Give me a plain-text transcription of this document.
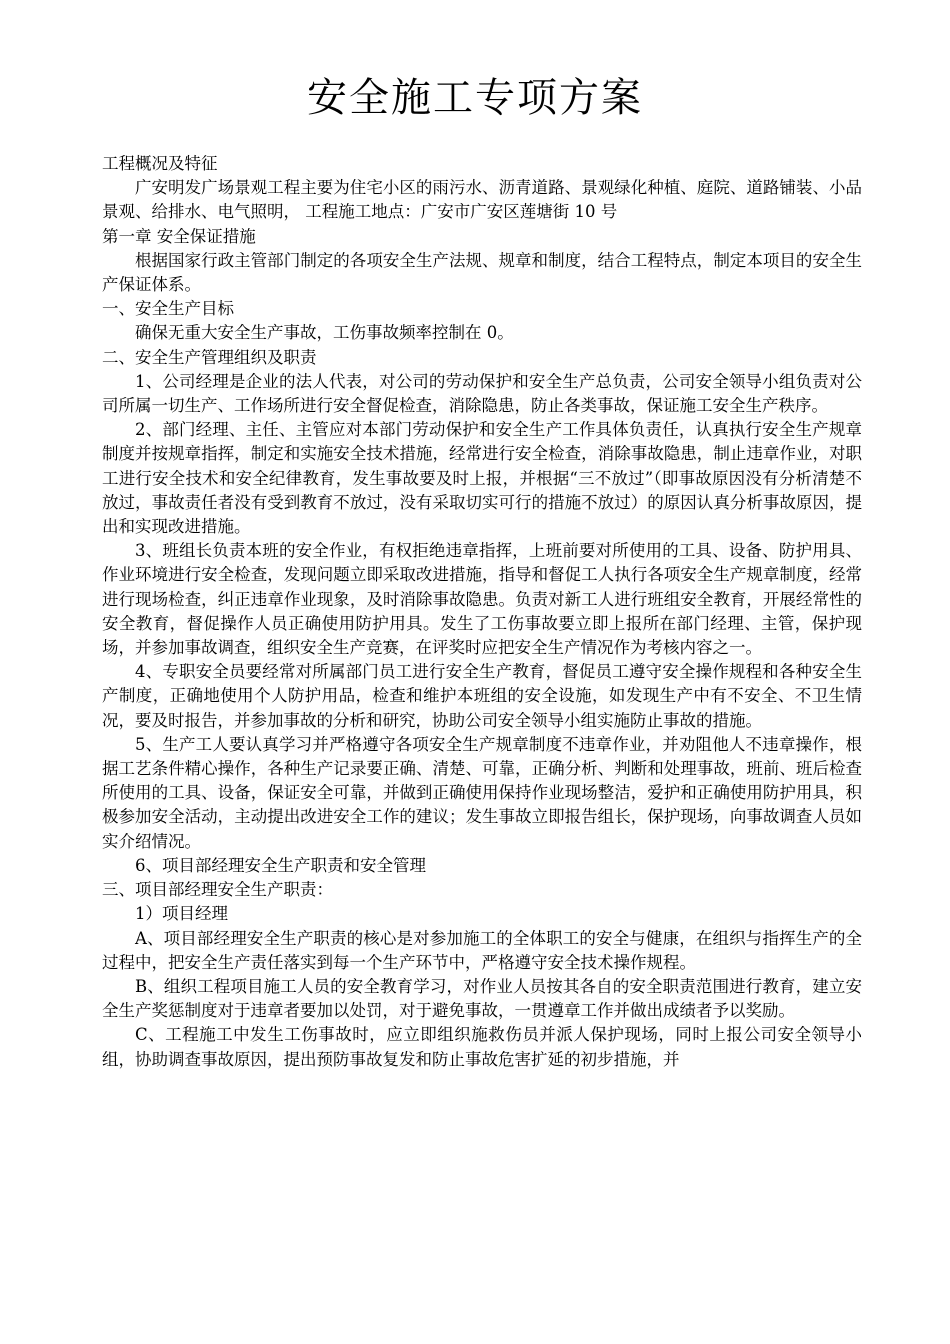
安全施工专项方案

工程概况及特征

广安明发广场景观工程主要为住宅小区的雨污水、沥青道路、景观绿化种植、庭院、道路铺装、小品景观、给排水、电气照明， 工程施工地点：广安市广安区莲塘街 10 号

第一章 安全保证措施

根据国家行政主管部门制定的各项安全生产法规、规章和制度，结合工程特点，制定本项目的安全生产保证体系。

一、安全生产目标

确保无重大安全生产事故，工伤事故频率控制在 0。

二、安全生产管理组织及职责

1、公司经理是企业的法人代表，对公司的劳动保护和安全生产总负责，公司安全领导小组负责对公司所属一切生产、工作场所进行安全督促检查，消除隐患，防止各类事故，保证施工安全生产秩序。

2、部门经理、主任、主管应对本部门劳动保护和安全生产工作具体负责任，认真执行安全生产规章制度并按规章指挥，制定和实施安全技术措施，经常进行安全检查，消除事故隐患，制止违章作业，对职工进行安全技术和安全纪律教育，发生事故要及时上报，并根据“三不放过”（即事故原因没有分析清楚不放过，事故责任者没有受到教育不放过，没有采取切实可行的措施不放过）的原因认真分析事故原因，提出和实现改进措施。

3、班组长负责本班的安全作业，有权拒绝违章指挥，上班前要对所使用的工具、设备、防护用具、作业环境进行安全检查，发现问题立即采取改进措施，指导和督促工人执行各项安全生产规章制度，经常进行现场检查，纠正违章作业现象，及时消除事故隐患。负责对新工人进行班组安全教育，开展经常性的安全教育，督促操作人员正确使用防护用具。发生了工伤事故要立即上报所在部门经理、主管，保护现场，并参加事故调查，组织安全生产竞赛，在评奖时应把安全生产情况作为考核内容之一。

4、专职安全员要经常对所属部门员工进行安全生产教育，督促员工遵守安全操作规程和各种安全生产制度，正确地使用个人防护用品，检查和维护本班组的安全设施，如发现生产中有不安全、不卫生情况，要及时报告，并参加事故的分析和研究，协助公司安全领导小组实施防止事故的措施。

5、生产工人要认真学习并严格遵守各项安全生产规章制度不违章作业，并劝阻他人不违章操作，根据工艺条件精心操作，各种生产记录要正确、清楚、可靠，正确分析、判断和处理事故，班前、班后检查所使用的工具、设备，保证安全可靠，并做到正确使用保持作业现场整洁，爱护和正确使用防护用具，积极参加安全活动，主动提出改进安全工作的建议；发生事故立即报告组长，保护现场，向事故调查人员如实介绍情况。

6、项目部经理安全生产职责和安全管理

三、项目部经理安全生产职责：

1）项目经理

A、项目部经理安全生产职责的核心是对参加施工的全体职工的安全与健康，在组织与指挥生产的全过程中，把安全生产责任落实到每一个生产环节中，严格遵守安全技术操作规程。

B、组织工程项目施工人员的安全教育学习，对作业人员按其各自的安全职责范围进行教育，建立安全生产奖惩制度对于违章者要加以处罚，对于避免事故，一贯遵章工作并做出成绩者予以奖励。

C、工程施工中发生工伤事故时，应立即组织施救伤员并派人保护现场，同时上报公司安全领导小组，协助调查事故原因，提出预防事故复发和防止事故危害扩延的初步措施，并
